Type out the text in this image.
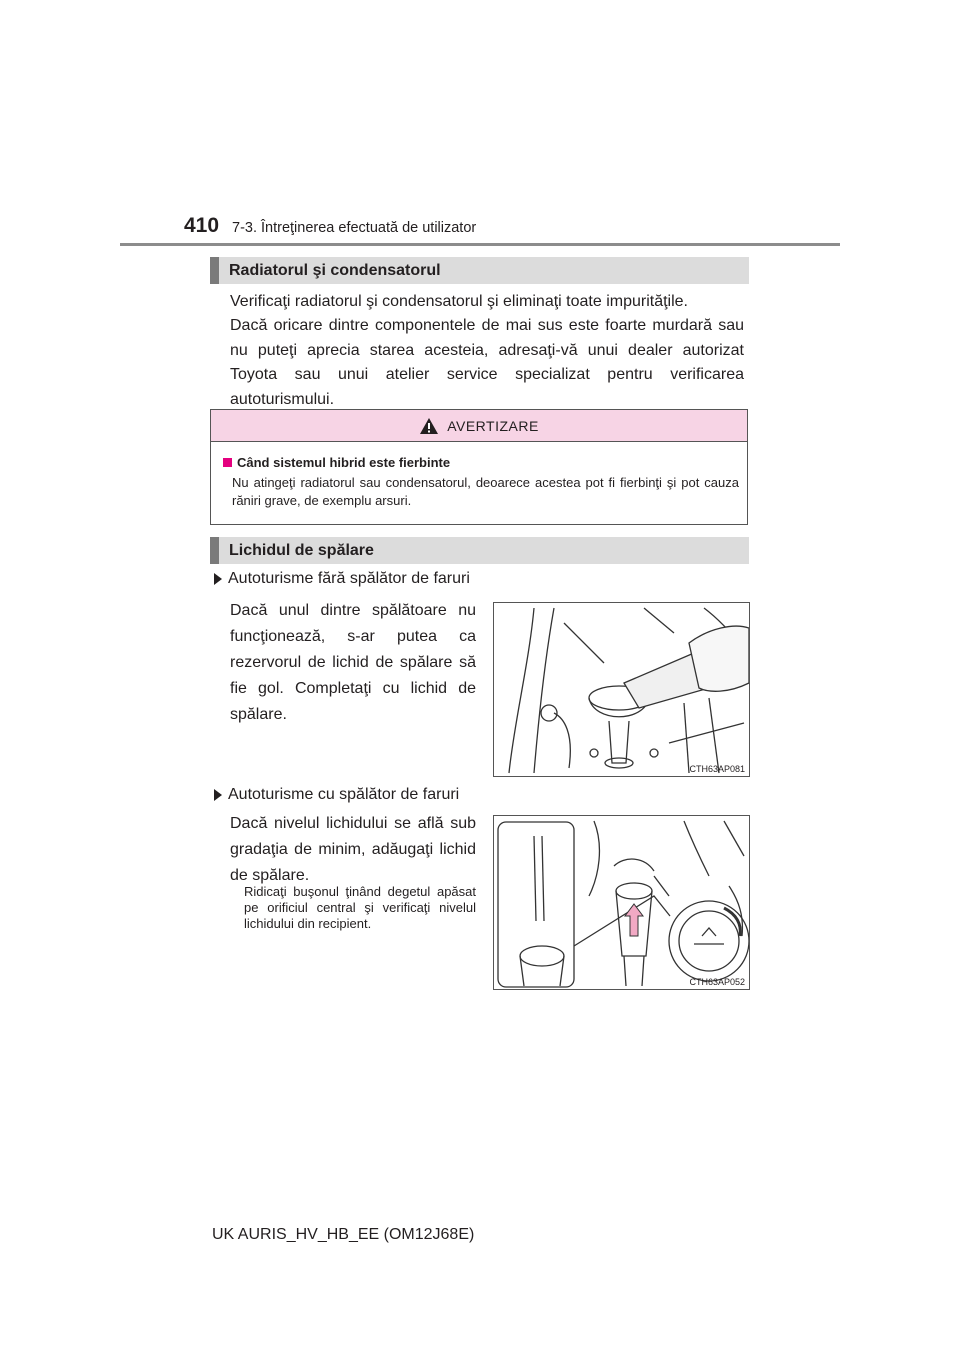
410 7-3. Întreţinerea efectuată de utilizator
Radiatorul şi condensatorul
Verificaţi radiatorul şi condensatorul şi eliminaţi toate impurităţile.
Dacă oricare dintre componentele de mai sus este foarte murdară sau nu puteţi aprecia starea acesteia, adresaţi-vă unui dealer autorizat Toyota sau unui atelier service specializat pentru verificarea autoturismului.
AVERTIZARE
Când sistemul hibrid este fierbinte
Nu atingeţi radiatorul sau condensatorul, deoarece acestea pot fi fierbinţi şi pot cauza răniri grave, de exemplu arsuri.
Lichidul de spălare
Autoturisme fără spălător de faruri
Dacă unul dintre spălătoare nu funcţionează, s-ar putea ca rezervorul de lichid de spălare să fie gol. Completaţi cu lichid de spălare.
CTH63AP081
Autoturisme cu spălător de faruri
Dacă nivelul lichidului se află sub gradaţia de minim, adăugaţi lichid de spălare.
Ridicaţi buşonul ţinând degetul apăsat pe orificiul central şi verificaţi nivelul lichidului din recipient.
CTH63AP052
UK AURIS_HV_HB_EE (OM12J68E)
